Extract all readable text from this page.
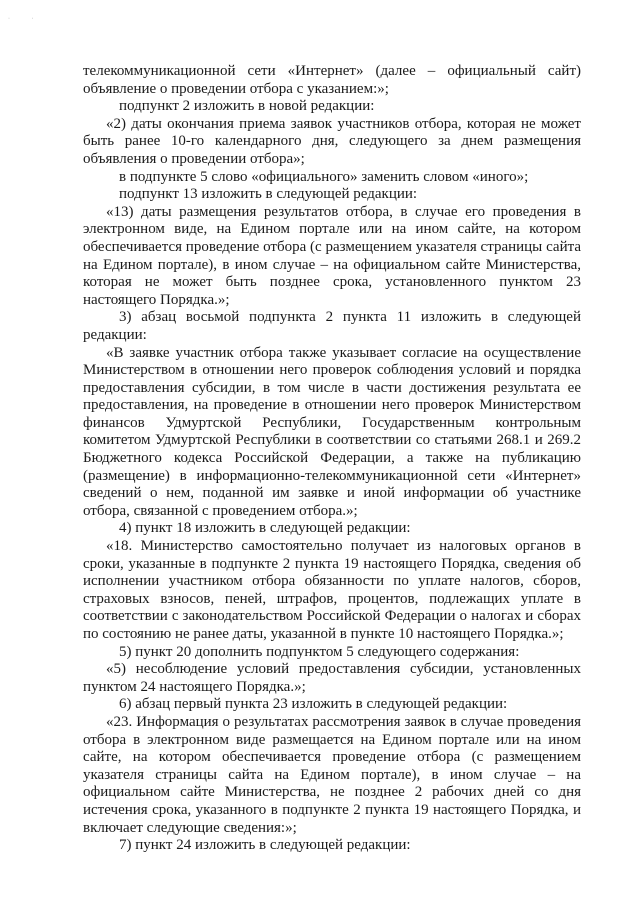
· ·

телекоммуникационной сети «Интернет» (далее – официальный сайт) объявление о проведении отбора с указанием:»;

подпункт 2 изложить в новой редакции:

«2) даты окончания приема заявок участников отбора, которая не может быть ранее 10-го календарного дня, следующего за днем размещения объявления о проведении отбора»;

в подпункте 5 слово «официального» заменить словом «иного»;

подпункт 13 изложить в следующей редакции:

«13) даты размещения результатов отбора, в случае его проведения в электронном виде, на Едином портале или на ином сайте, на котором обеспечивается проведение отбора (с размещением указателя страницы сайта на Едином портале), в ином случае – на официальном сайте Министерства, которая не может быть позднее срока, установленного пунктом 23 настоящего Порядка.»;

3) абзац восьмой подпункта 2 пункта 11 изложить в следующей редакции:

«В заявке участник отбора также указывает согласие на осуществление Министерством в отношении него проверок соблюдения условий и порядка предоставления субсидии, в том числе в части достижения результата ее предоставления, на проведение в отношении него проверок Министерством финансов Удмуртской Республики, Государственным контрольным комитетом Удмуртской Республики в соответствии со статьями 268.1 и 269.2 Бюджетного кодекса Российской Федерации, а также на публикацию (размещение) в информационно-телекоммуникационной сети «Интернет» сведений о нем, поданной им заявке и иной информации об участнике отбора, связанной с проведением отбора.»;

4) пункт 18 изложить в следующей редакции:

«18. Министерство самостоятельно получает из налоговых органов в сроки, указанные в подпункте 2 пункта 19 настоящего Порядка, сведения об исполнении участником отбора обязанности по уплате налогов, сборов, страховых взносов, пеней, штрафов, процентов, подлежащих уплате в соответствии с законодательством Российской Федерации о налогах и сборах по состоянию не ранее даты, указанной в пункте 10 настоящего Порядка.»;

5) пункт 20 дополнить подпунктом 5 следующего содержания:

«5) несоблюдение условий предоставления субсидии, установленных пунктом 24 настоящего Порядка.»;

6) абзац первый пункта 23 изложить в следующей редакции:

«23. Информация о результатах рассмотрения заявок в случае проведения отбора в электронном виде размещается на Едином портале или на ином сайте, на котором обеспечивается проведение отбора (с размещением указателя страницы сайта на Едином портале), в ином случае – на официальном сайте Министерства, не позднее 2 рабочих дней со дня истечения срока, указанного в подпункте 2 пункта 19 настоящего Порядка, и включает следующие сведения:»;

7) пункт 24 изложить в следующей редакции:
